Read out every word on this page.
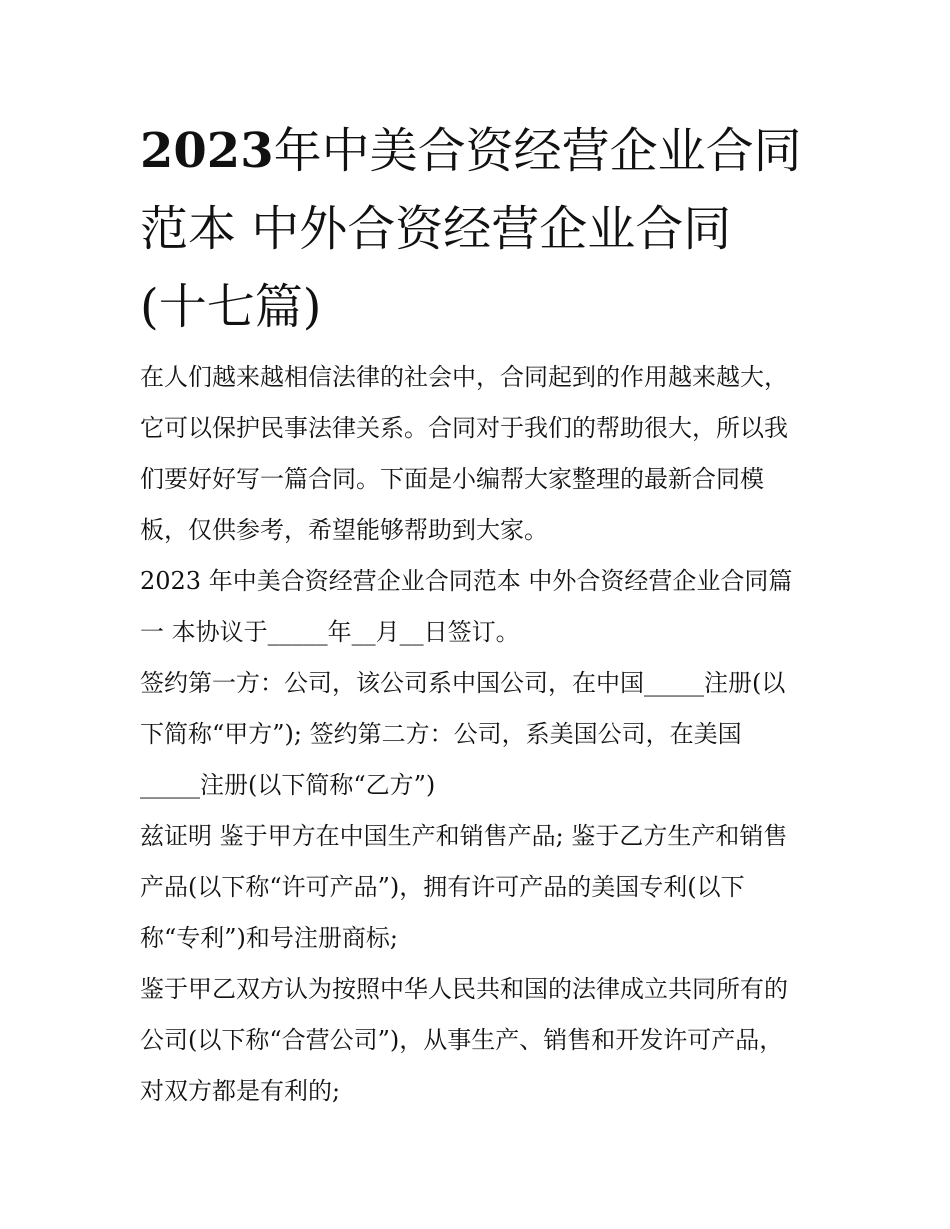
2023年中美合资经营企业合同
范本 中外合资经营企业合同
(十七篇)
在人们越来越相信法律的社会中，合同起到的作用越来越大，
它可以保护民事法律关系。合同对于我们的帮助很大，所以我
们要好好写一篇合同。下面是小编帮大家整理的最新合同模
板，仅供参考，希望能够帮助到大家。
2023 年中美合资经营企业合同范本 中外合资经营企业合同篇
一 本协议于_____年__月__日签订。
签约第一方：公司，该公司系中国公司，在中国_____注册(以
下简称“甲方”); 签约第二方：公司，系美国公司，在美国
_____注册(以下简称“乙方”)
兹证明 鉴于甲方在中国生产和销售产品; 鉴于乙方生产和销售
产品(以下称“许可产品”)，拥有许可产品的美国专利(以下
称“专利”)和号注册商标;
鉴于甲乙双方认为按照中华人民共和国的法律成立共同所有的
公司(以下称“合营公司”)，从事生产、销售和开发许可产品，
对双方都是有利的;
